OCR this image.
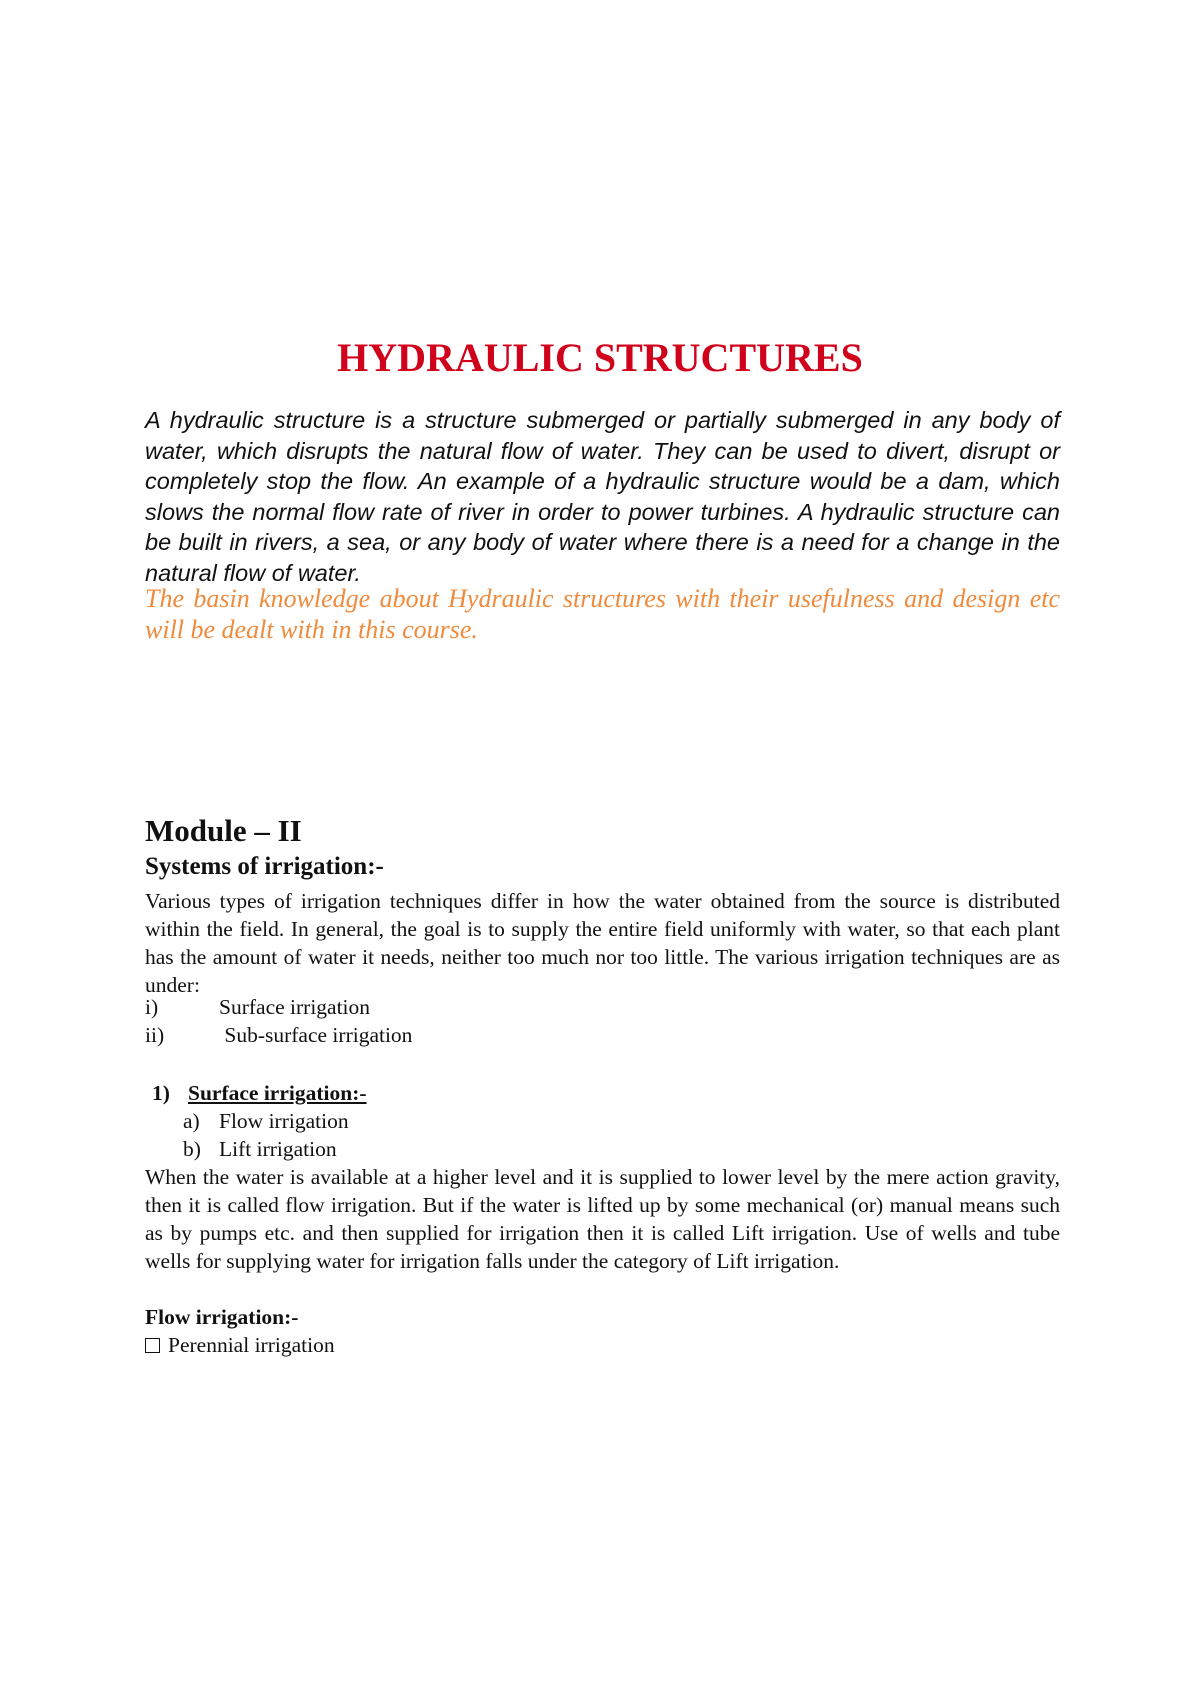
HYDRAULIC STRUCTURES

A hydraulic structure is a structure submerged or partially submerged in any body of water, which disrupts the natural flow of water. They can be used to divert, disrupt or completely stop the flow. An example of a hydraulic structure would be a dam, which slows the normal flow rate of river in order to power turbines. A hydraulic structure can be built in rivers, a sea, or any body of water where there is a need for a change in the natural flow of water.

The basin knowledge about Hydraulic structures with their usefulness and design etc will be dealt with in this course.

Module – II
Systems of irrigation:-

Various types of irrigation techniques differ in how the water obtained from the source is distributed within the field. In general, the goal is to supply the entire field uniformly with water, so that each plant has the amount of water it needs, neither too much nor too little. The various irrigation techniques are as under:

i)	Surface irrigation
ii)	Sub-surface irrigation
1) Surface irrigation:-
a) Flow irrigation
b) Lift irrigation

When the water is available at a higher level and it is supplied to lower level by the mere action gravity, then it is called flow irrigation. But if the water is lifted up by some mechanical (or) manual means such as by pumps etc. and then supplied for irrigation then it is called Lift irrigation. Use of wells and tube wells for supplying water for irrigation falls under the category of Lift irrigation.

Flow irrigation:-

Perennial irrigation
